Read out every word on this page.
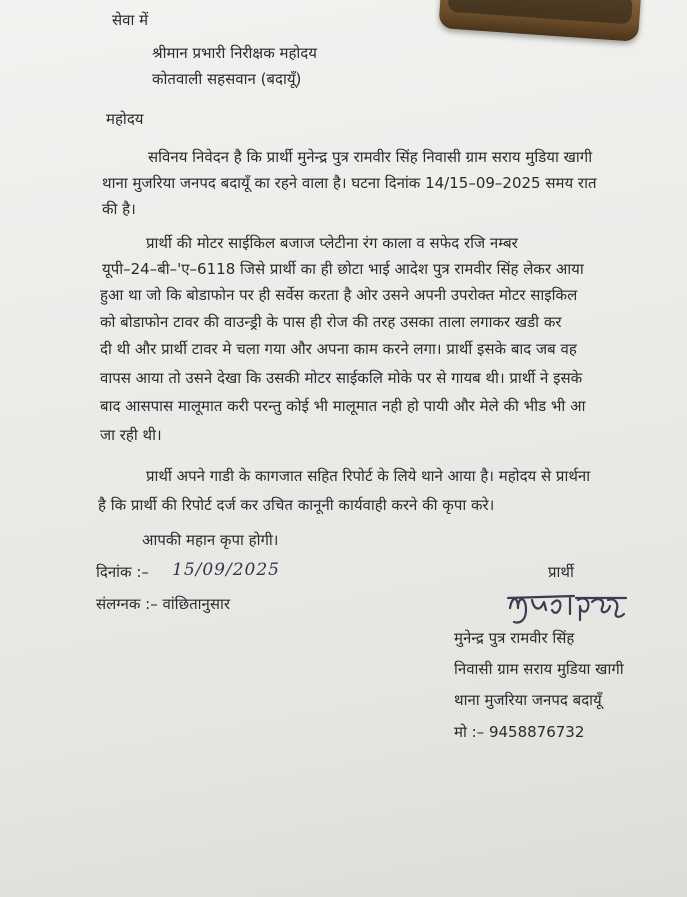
सेवा में
श्रीमान प्रभारी निरीक्षक महोदय
कोतवाली सहसवान (बदायूँ)
महोदय
सविनय निवेदन है कि प्रार्थी मुनेन्द्र पुत्र रामवीर सिंह निवासी ग्राम सराय मुडिया खागी
थाना मुजरिया जनपद बदायूँ का रहने वाला है। घटना दिनांक 14/15–09–2025 समय रात
की है।
प्रार्थी की मोटर साईकिल बजाज प्लेटीना रंग काला व सफेद रजि नम्बर
यूपी–24–बी–'ए–6118 जिसे प्रार्थी का ही छोटा भाई आदेश पुत्र रामवीर सिंह लेकर आया
हुआ था जो कि बोडाफोन पर ही सर्वेस करता है ओर उसने अपनी उपरोक्त मोटर साइकिल
को बोडाफोन टावर की वाउन्ड्री के पास ही रोज की तरह उसका ताला लगाकर खडी कर
दी थी और प्रार्थी टावर मे चला गया और अपना काम करने लगा। प्रार्थी इसके बाद जब वह
वापस आया तो उसने देखा कि उसकी मोटर साईकलि मोके पर से गायब थी। प्रार्थी ने इसके
बाद आसपास मालूमात करी परन्तु कोई भी मालूमात नही हो पायी और मेले की भीड भी आ
जा रही थी।
प्रार्थी अपने गाडी के कागजात सहित रिपोर्ट के लिये थाने आया है। महोदय से प्रार्थना
है कि प्रार्थी की रिपोर्ट दर्ज कर उचित कानूनी कार्यवाही करने की कृपा करे।
आपकी महान कृपा होगी।
दिनांक :– 15/09/2025
संलग्नक :– वांछितानुसार
प्रार्थी
मुनेन्द्र पुत्र रामवीर सिंह
निवासी ग्राम सराय मुडिया खागी
थाना मुजरिया जनपद बदायूँ
मो :– 9458876732
